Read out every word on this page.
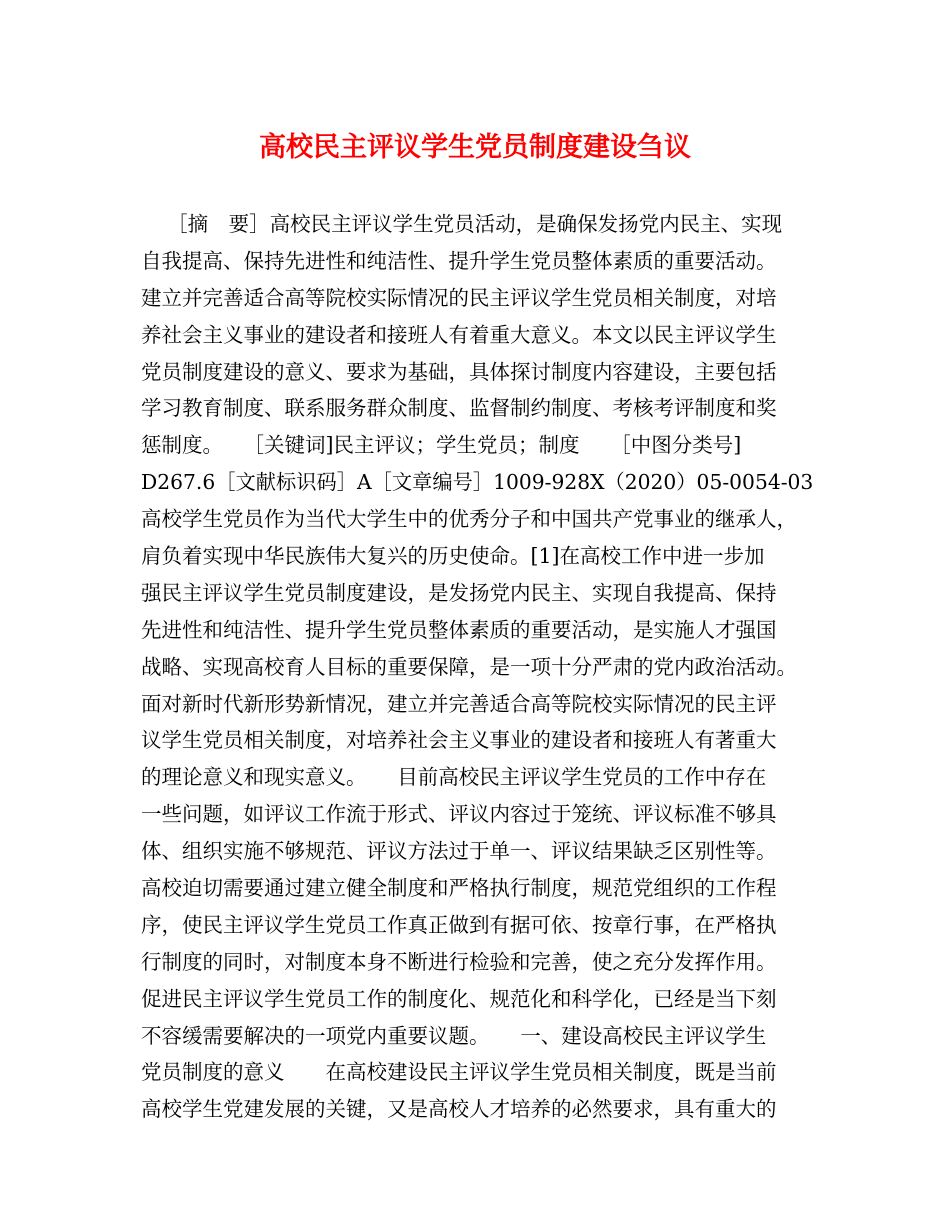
高校民主评议学生党员制度建设刍议
［摘　要］高校民主评议学生党员活动，是确保发扬党内民主、实现
自我提高、保持先进性和纯洁性、提升学生党员整体素质的重要活动。
建立并完善适合高等院校实际情况的民主评议学生党员相关制度，对培
养社会主义事业的建设者和接班人有着重大意义。本文以民主评议学生
党员制度建设的意义、要求为基础，具体探讨制度内容建设，主要包括
学习教育制度、联系服务群众制度、监督制约制度、考核考评制度和奖
惩制度。　　［关键词]民主评议；学生党员；制度　　［中图分类号]
D267.6［文献标识码］A［文章编号］1009-928X（2020）05-0054-03
高校学生党员作为当代大学生中的优秀分子和中国共产党事业的继承人，
肩负着实现中华民族伟大复兴的历史使命。[1]在高校工作中进一步加
强民主评议学生党员制度建设，是发扬党内民主、实现自我提高、保持
先进性和纯洁性、提升学生党员整体素质的重要活动，是实施人才强国
战略、实现高校育人目标的重要保障，是一项十分严肃的党内政治活动。
面对新时代新形势新情况，建立并完善适合高等院校实际情况的民主评
议学生党员相关制度，对培养社会主义事业的建设者和接班人有著重大
的理论意义和现实意义。　　目前高校民主评议学生党员的工作中存在
一些问题，如评议工作流于形式、评议内容过于笼统、评议标准不够具
体、组织实施不够规范、评议方法过于单一、评议结果缺乏区别性等。
高校迫切需要通过建立健全制度和严格执行制度，规范党组织的工作程
序，使民主评议学生党员工作真正做到有据可依、按章行事，在严格执
行制度的同时，对制度本身不断进行检验和完善，使之充分发挥作用。
促进民主评议学生党员工作的制度化、规范化和科学化，已经是当下刻
不容缓需要解决的一项党内重要议题。　　一、建设高校民主评议学生
党员制度的意义　　在高校建设民主评议学生党员相关制度，既是当前
高校学生党建发展的关键，又是高校人才培养的必然要求，具有重大的
